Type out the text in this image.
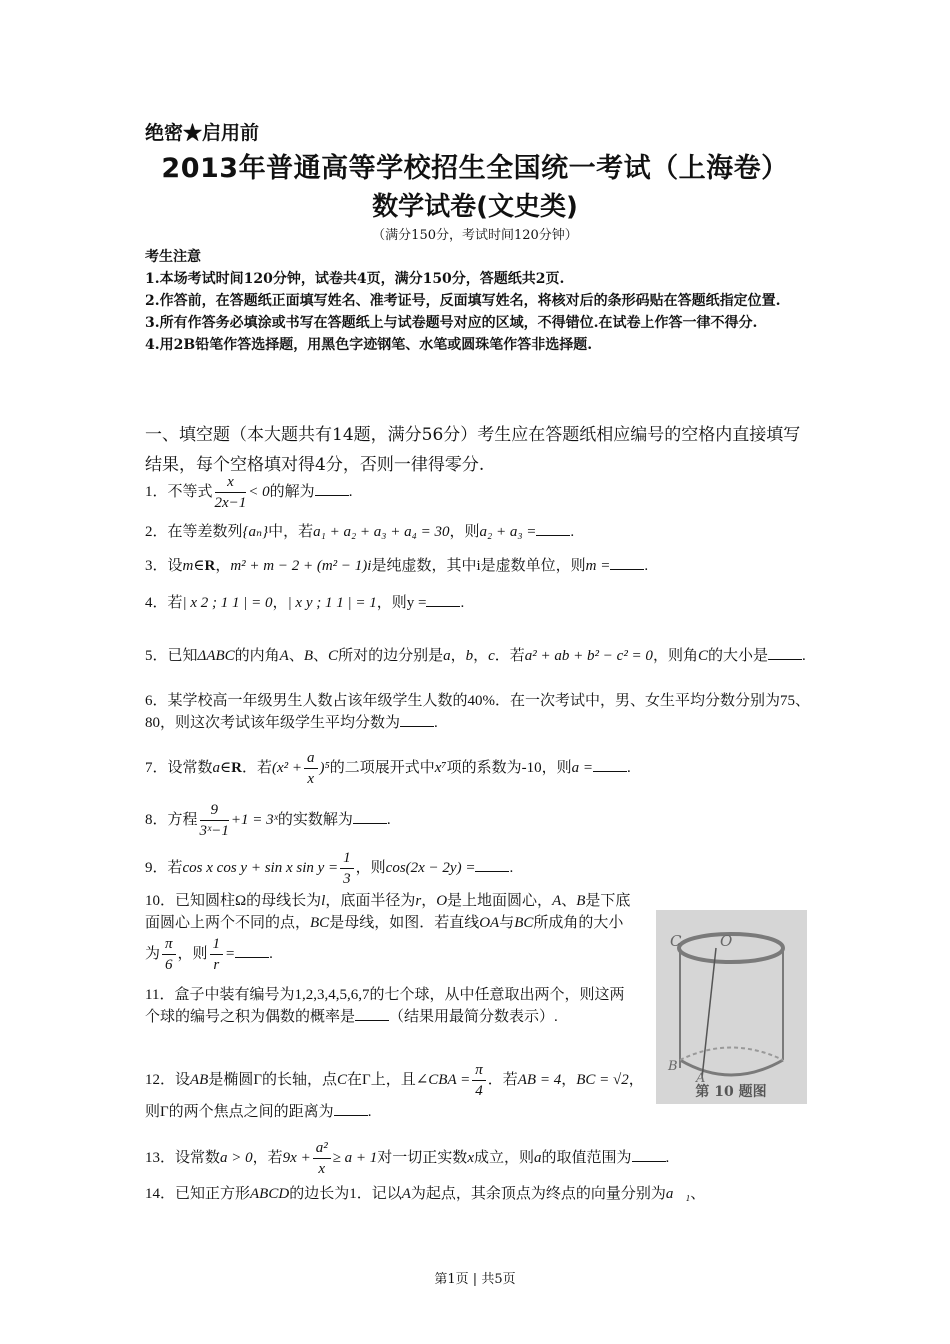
绝密★启用前
2013年普通高等学校招生全国统一考试（上海卷）
数学试卷(文史类)
（满分150分，考试时间120分钟）
考生注意
1.本场考试时间120分钟，试卷共4页，满分150分，答题纸共2页.
2.作答前，在答题纸正面填写姓名、准考证号，反面填写姓名，将核对后的条形码贴在答题纸指定位置.
3.所有作答务必填涂或书写在答题纸上与试卷题号对应的区域，不得错位.在试卷上作答一律不得分.
4.用2B铅笔作答选择题，用黑色字迹钢笔、水笔或圆珠笔作答非选择题.
一、填空题（本大题共有14题，满分56分）考生应在答题纸相应编号的空格内直接填写结果，每个空格填对得4分，否则一律得零分.
1．不等式 $\frac{x}{2x-1} < 0$的解为 .
2．在等差数列{aₙ}中，若a₁ + a₂ + a₃ + a₄ = 30，则a₂ + a₃ = .
3．设m∈R，m² + m − 2 + (m² − 1)i是纯虚数，其中i是虚数单位，则m = .
4．若| x 2 ; 1 1 | = 0，| x y ; 1 1 | = 1，则y = .
5．已知ΔABC的内角A、B、C所对的边分别是a，b，c．若a² + ab + b² − c² = 0，则角C的大小是 .
6．某学校高一年级男生人数占该年级学生人数的40%．在一次考试中，男、女生平均分数分别为75、80，则这次考试该年级学生平均分数为 .
7．设常数a∈R．若$(x^2 + \frac{a}{x} )^5$的二项展开式中x⁷项的系数为-10，则a = .
8．方程 $\frac{9}{\text{3ˣ−1}} +1$ = 3ˣ的实数解为 .
9．若cos x cos y + sin x $\sin y = \frac{1}{3}$ ，则cos(2x − 2y) = .
10．已知圆柱Ω的母线长为l，底面半径为r，O是上地面圆心，A、B是下底面圆心上两个不同的点，BC是母线，如图．若直线OA与BC所成角的大小为 $\frac{\pi}{6}$ ，则 $\frac{1}{r}$ = .
11．盒子中装有编号为1,2,3,4,5,6,7的七个球，从中任意取出两个，则这两个球的编号之积为偶数的概率是 （结果用最简分数表示）.
12．设AB是椭圆Γ的长轴，点C在Γ上，且∠CBA = $\frac{\pi}{4}$ ．若AB = 4，BC = √2，则Γ的两个焦点之间的距离为 .
13．设常数a > 0，若$9x + \frac{\text{a²}}{x} \ge a + 1$对一切正实数x成立，则a的取值范围为 .
14．已知正方形ABCD的边长为1．记以A为起点，其余顶点为终点的向量分别为a⃗₁、
C	O
B
A
第 10 题图
第1页 | 共5页
